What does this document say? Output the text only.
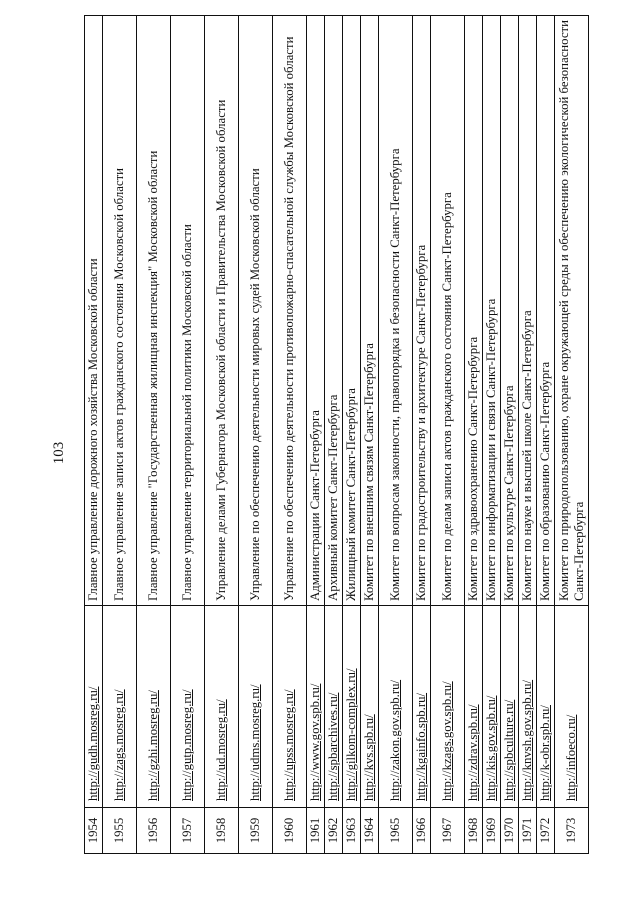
103
1954	http://gudh.mosreg.ru/	Главное управление дорожного хозяйства Московской области
1955	http://zags.mosreg.ru/	Главное управление записи актов гражданского состояния Московской области
1956	http://gzhi.mosreg.ru/	Главное управление "Государственная жилищная инспекция" Московской области
1957	http://gutp.mosreg.ru/	Главное управление территориальной политики Московской области
1958	http://ud.mosreg.ru/	Управление делами Губернатора Московской области и Правительства Московской области
1959	http://udms.mosreg.ru/	Управление по обеспечению деятельности мировых судей Московской области
1960	http://upss.mosreg.ru/	Управление по обеспечению деятельности противопожарно-спасательной службы Московской области
1961	http://www.gov.spb.ru/	Администрации Санкт-Петербурга
1962	http://spbarchives.ru/	Архивный комитет Санкт-Петербурга
1963	http://gilkom-complex.ru/	Жилищный комитет Санкт-Петербурга
1964	http://kvs.spb.ru/	Комитет по внешним связям Санкт-Петербурга
1965	http://zakon.gov.spb.ru/	Комитет по вопросам законности, правопорядка и безопасности Санкт-Петербурга
1966	http://kgainfo.spb.ru/	Комитет по градостроительству и архитектуре Санкт-Петербурга
1967	http://kzags.gov.spb.ru/	Комитет по делам записи актов гражданского состояния Санкт-Петербурга
1968	http://zdrav.spb.ru/	Комитет по здравоохранению Санкт-Петербурга
1969	http://kis.gov.spb.ru/	Комитет по информатизации и связи Санкт-Петербурга
1970	http://spbculture.ru/	Комитет по культуре Санкт-Петербурга
1971	http://knvsh.gov.spb.ru/	Комитет по науке и высшей школе Санкт-Петербурга
1972	http://k-obr.spb.ru/	Комитет по образованию Санкт-Петербурга
1973	http://infoeco.ru/	Комитет по природопользованию, охране окружающей среды и обеспечению экологической безопасности Санкт-Петербурга
